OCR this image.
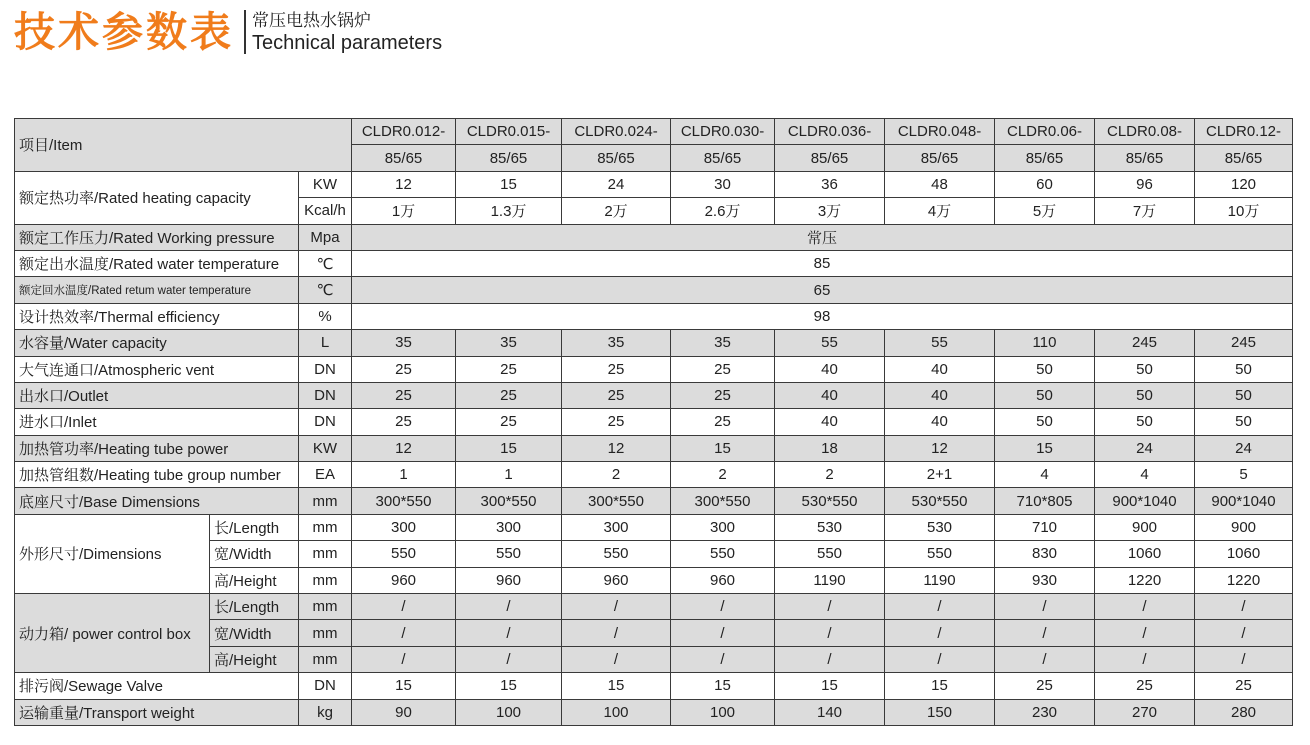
技术参数表 常压电热水锅炉
Technical parameters
项目/Item			CLDR0.012-	CLDR0.015-	CLDR0.024-	CLDR0.030-	CLDR0.036-	CLDR0.048-	CLDR0.06-	CLDR0.08-	CLDR0.12-
			85/65	85/65	85/65	85/65	85/65	85/65	85/65	85/65	85/65
额定热功率/Rated heating capacity		KW	12	15	24	30	36	48	60	96	120
		Kcal/h	1万	1.3万	2万	2.6万	3万	4万	5万	7万	10万
额定工作压力/Rated Working pressure		Mpa	常压								
额定出水温度/Rated water temperature		℃	85								
额定回水温度/Rated retum water temperature		℃	65								
设计热效率/Thermal efficiency		%	98								
水容量/Water capacity		L	35	35	35	35	55	55	110	245	245
大气连通口/Atmospheric vent		DN	25	25	25	25	40	40	50	50	50
出水口/Outlet		DN	25	25	25	25	40	40	50	50	50
进水口/Inlet		DN	25	25	25	25	40	40	50	50	50
加热管功率/Heating tube power		KW	12	15	12	15	18	12	15	24	24
加热管组数/Heating tube group number		EA	1	1	2	2	2	2+1	4	4	5
底座尺寸/Base Dimensions		mm	300*550	300*550	300*550	300*550	530*550	530*550	710*805	900*1040	900*1040
外形尺寸/Dimensions	长/Length	mm	300	300	300	300	530	530	710	900	900
	宽/Width	mm	550	550	550	550	550	550	830	1060	1060
	高/Height	mm	960	960	960	960	1190	1190	930	1220	1220
动力箱/ power control box	长/Length	mm	/	/	/	/	/	/	/	/	/
	宽/Width	mm	/	/	/	/	/	/	/	/	/
	高/Height	mm	/	/	/	/	/	/	/	/	/
排污阀/Sewage Valve		DN	15	15	15	15	15	15	25	25	25
运输重量/Transport weight		kg	90	100	100	100	140	150	230	270	280
